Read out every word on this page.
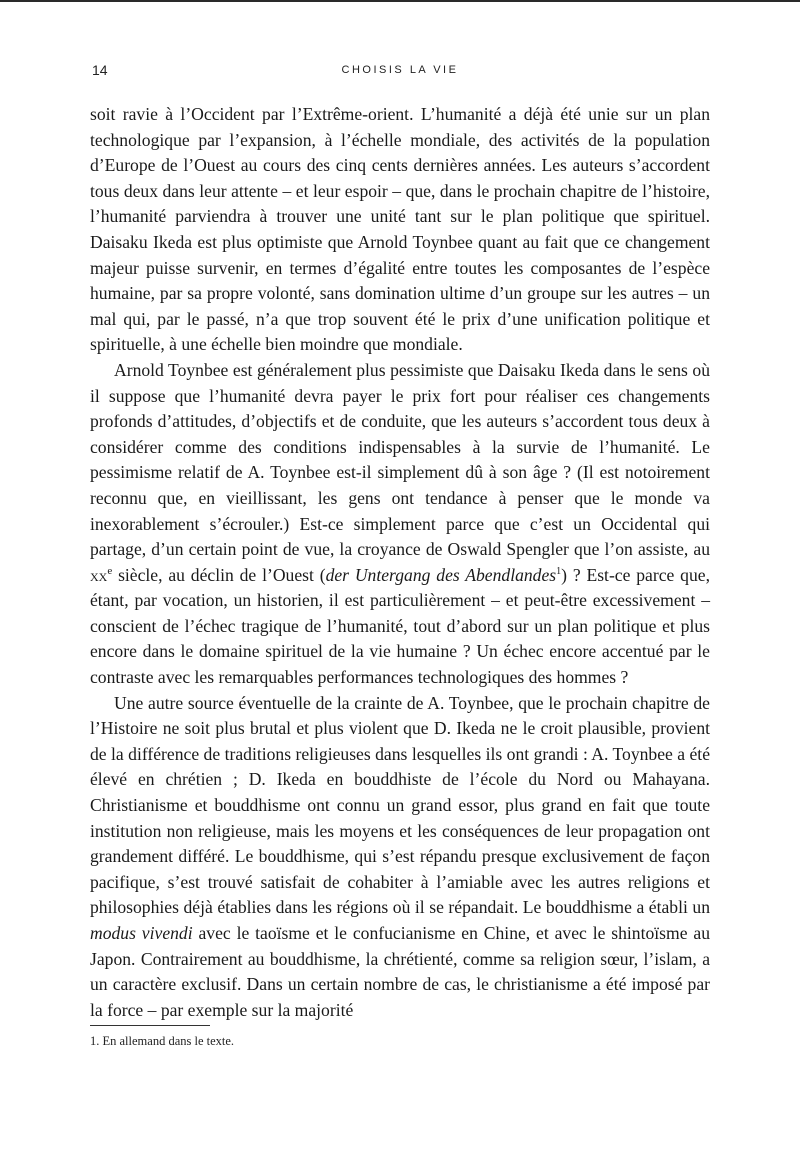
14	CHOISIS LA VIE

soit ravie à l’Occident par l’Extrême-orient. L’humanité a déjà été unie sur un plan technologique par l’expansion, à l’échelle mondiale, des activités de la population d’Europe de l’Ouest au cours des cinq cents dernières années. Les auteurs s’accordent tous deux dans leur attente – et leur espoir – que, dans le prochain chapitre de l’histoire, l’humanité parviendra à trouver une unité tant sur le plan politique que spirituel. Daisaku Ikeda est plus optimiste que Arnold Toynbee quant au fait que ce changement majeur puisse survenir, en termes d’égalité entre toutes les composantes de l’espèce humaine, par sa propre volonté, sans domination ultime d’un groupe sur les autres – un mal qui, par le passé, n’a que trop souvent été le prix d’une unification politique et spirituelle, à une échelle bien moindre que mondiale.

Arnold Toynbee est généralement plus pessimiste que Daisaku Ikeda dans le sens où il suppose que l’humanité devra payer le prix fort pour réaliser ces changements profonds d’attitudes, d’objectifs et de conduite, que les auteurs s’accordent tous deux à considérer comme des conditions indispensables à la survie de l’humanité. Le pessimisme relatif de A. Toynbee est-il simplement dû à son âge ? (Il est notoirement reconnu que, en vieillissant, les gens ont tendance à penser que le monde va inexorablement s’écrouler.) Est-ce simplement parce que c’est un Occidental qui partage, d’un certain point de vue, la croyance de Oswald Spengler que l’on assiste, au $xx^e$ siècle, au déclin de l’Ouest (der Untergang des Abendlandes$^1$) ? Est-ce parce que, étant, par vocation, un historien, il est particulièrement – et peut-être excessivement – conscient de l’échec tragique de l’humanité, tout d’abord sur un plan politique et plus encore dans le domaine spirituel de la vie humaine ? Un échec encore accentué par le contraste avec les remarquables performances technologiques des hommes ?

Une autre source éventuelle de la crainte de A. Toynbee, que le prochain chapitre de l’Histoire ne soit plus brutal et plus violent que D. Ikeda ne le croit plausible, provient de la différence de traditions religieuses dans lesquelles ils ont grandi : A. Toynbee a été élevé en chrétien ; D. Ikeda en bouddhiste de l’école du Nord ou Mahayana. Christianisme et bouddhisme ont connu un grand essor, plus grand en fait que toute institution non religieuse, mais les moyens et les conséquences de leur propagation ont grandement différé. Le bouddhisme, qui s’est répandu presque exclusivement de façon pacifique, s’est trouvé satisfait de cohabiter à l’amiable avec les autres religions et philosophies déjà établies dans les régions où il se répandait. Le bouddhisme a établi un modus vivendi avec le taoïsme et le confucianisme en Chine, et avec le shintoïsme au Japon. Contrairement au bouddhisme, la chrétienté, comme sa religion sœur, l’islam, a un caractère exclusif. Dans un certain nombre de cas, le christianisme a été imposé par la force – par exemple sur la majorité

1. En allemand dans le texte.
